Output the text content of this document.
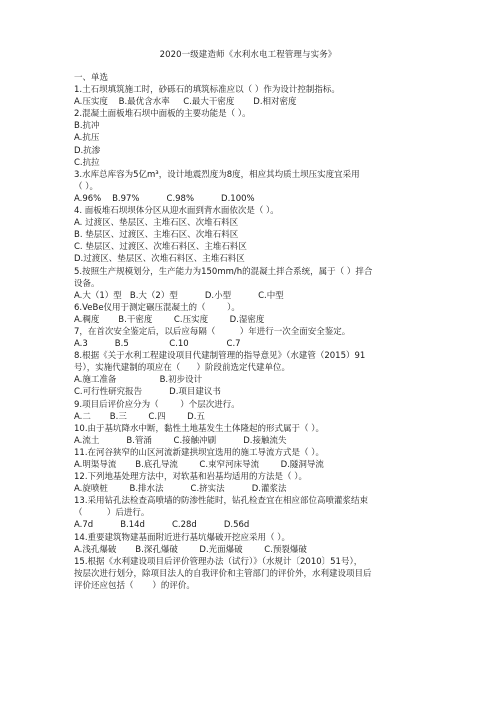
2020一级建造师《水利水电工程管理与实务》
一、单选
1.土石坝填筑施工时，砂砾石的填筑标准应以（ ）作为设计控制指标。
A.压实度    B.最优含水率     C.最大干密度       D.相对密度
2.混凝土面板堆石坝中面板的主要功能是（ ）。
B.抗冲
A.抗压
D.抗渗
C.抗拉
3.水库总库容为5亿m³，设计地震烈度为8度，相应其均质土坝压实度宜采用
（ ）。
A.96%    B.97%          C.98%          D.100%
4. 面板堆石坝坝体分区从迎水面到背水面依次是（ ）。
A. 过渡区、垫层区、主堆石区、次堆石料区
B. 垫层区、过渡区、主堆石区、次堆石料区
C. 垫层区、过渡区、次堆石料区、主堆石料区
D.过渡区、垫层区、次堆石料区、主堆石料区
5.按照生产规模划分，生产能力为150mm/h的混凝土拌合系统，属于（ ）拌合
设备。
A.大（1）型   B.大（2）型          D.小型          C.中型
6.VeBe仪用于测定碾压混凝土的（        ）。
A.稠度       B.干密度        C.压实度        D.湿密度
7，在首次安全鉴定后，以后应每隔（         ）年进行一次全面安全鉴定。
A.3          B.5               C.10              C.7
8.根据《关于水利工程建设项目代建制管理的指导意见》（水建管（2015）91
号），实施代建制的项应在（      ）阶段前选定代建单位。
A.施工准备                B.初步设计
C.可行性研究报告          D.项目建议书
9.项目后评价应分为（        ）个层次进行。
A.二       B.三        C.四        D.五
10.由于基坑降水中断，黏性土地基发生土体隆起的形式属于（ ）。
A.流土          B.管涌        C.接触冲刷          D.接触流失
11.在河谷狭窄的山区河流新建拱坝宜选用的施工导流方式是（ ）。
A.明渠导流       B.底孔导流        C.束窄河床导流        D.隧洞导流
12.下列地基处理方法中，对软基和岩基均适用的方法是（ ）。
A.旋喷桩        B.排水法          C.挤实法          D.灌浆法
13.采用钻孔法检查高喷墙的防渗性能时，钻孔检查宜在相应部位高喷灌浆结束
（         ）后进行。
A.7d          B.14d          C.28d          D.56d
14.重要建筑物建基面附近进行基坑爆破开挖应采用（ ）。
A.浅孔爆破       B.深孔爆破        D.光面爆破        C.预裂爆破
15.根据《水利建设项目后评价管理办法（试行）》（水规计〔2010〕51号），
按层次进行划分，除项目法人的自我评价和主管部门的评价外，水利建设项目后
评价还应包括（       ）的评价。
